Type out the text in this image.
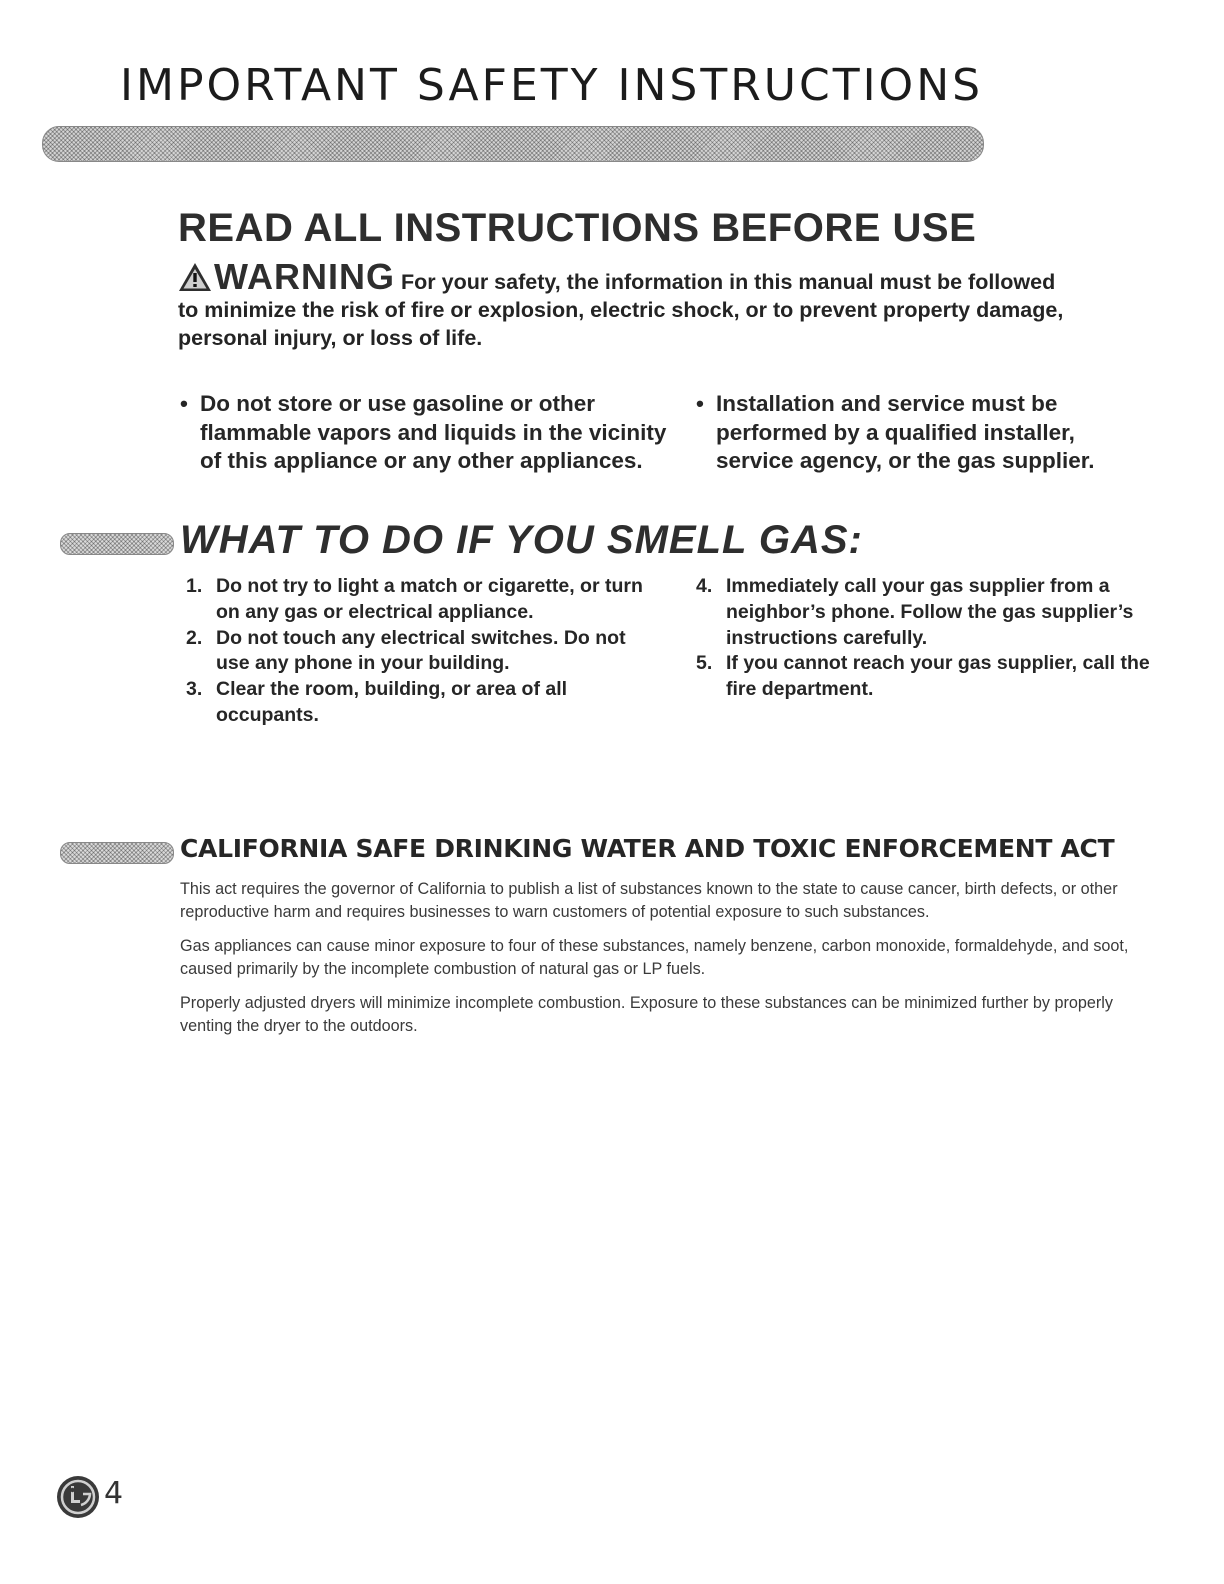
IMPORTANT SAFETY INSTRUCTIONS
READ ALL INSTRUCTIONS BEFORE USE
WARNING For your safety, the information in this manual must be followed to minimize the risk of fire or explosion, electric shock, or to prevent property damage, personal injury, or loss of life.
• Do not store or use gasoline or other flammable vapors and liquids in the vicinity of this appliance or any other appliances.
• Installation and service must be performed by a qualified installer, service agency, or the gas supplier.
WHAT TO DO IF YOU SMELL GAS:
1. Do not try to light a match or cigarette, or turn on any gas or electrical appliance.
2. Do not touch any electrical switches. Do not use any phone in your building.
3. Clear the room, building, or area of all occupants.
4. Immediately call your gas supplier from a neighbor’s phone. Follow the gas supplier’s instructions carefully.
5. If you cannot reach your gas supplier, call the fire department.
CALIFORNIA SAFE DRINKING WATER AND TOXIC ENFORCEMENT ACT

This act requires the governor of California to publish a list of substances known to the state to cause cancer, birth defects, or other reproductive harm and requires businesses to warn customers of potential exposure to such substances.

Gas appliances can cause minor exposure to four of these substances, namely benzene, carbon monoxide, formaldehyde, and soot, caused primarily by the incomplete combustion of natural gas or LP fuels.

Properly adjusted dryers will minimize incomplete combustion. Exposure to these substances can be minimized further by properly venting the dryer to the outdoors.

4
